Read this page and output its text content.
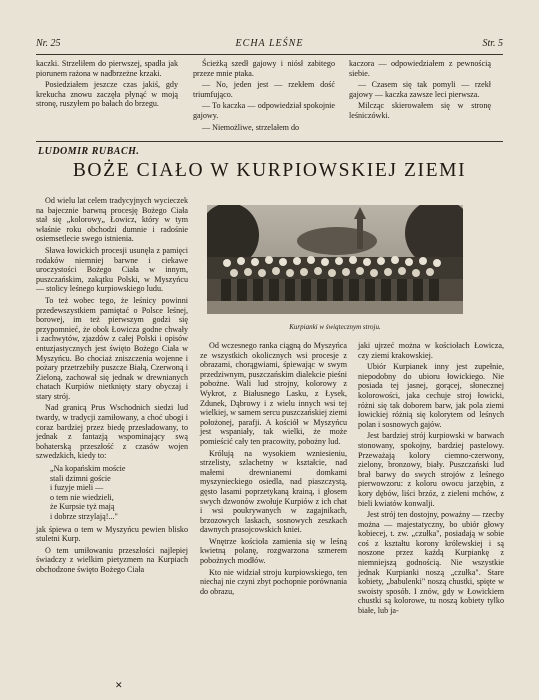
Nr. 25	ECHA LEŚNE	Str. 5

kaczki. Strzeliłem do pierwszej, spadła jak piorunem rażona w nadbrzeżne krzaki.

Posiedziałem jeszcze czas jakiś, gdy krekucha znowu zaczęła płynąć w moją stronę, ruszyłem po bałach do brzegu.

Ścieżką szedł gajowy i niósł zabitego przeze mnie ptaka.

— No, jeden jest — rzekłem dość triumfująco.

— To kaczka — odpowiedział spokojnie gajowy.

— Niemożliwe, strzelałem do

kaczora — odpowiedziałem z pewnością siebie.

— Czasem się tak pomyli — rzekł gajowy — kaczka zawsze leci pierwsza.

Milcząc skierowałem się w stronę leśniczówki.

LUDOMIR RUBACH.
BOŻE CIAŁO W KURPIOWSKIEJ ZIEMI

Od wielu lat celem tradycyjnych wycieczek na bajecznie barwną procesję Bożego Ciała stał się „kolorowy„ Łowicz, który w tym właśnie roku obchodzi dumnie i radośnie osiemsetlecie swego istnienia.

Sława łowickich procesji usunęła z pamięci rodaków niemniej barwne i ciekawe uroczystości Bożego Ciała w innym, puszczańskim, zakątku Polski, w Myszyńcu — stolicy leśnego kurpiowskiego ludu.

To też wobec tego, że leśnicy powinni przedewszystkiem pamiętać o Polsce leśnej, borowej, im też pierwszym godzi się przypomnieć, że obok Łowicza godne chwały i zachwytów, zjazdów z całej Polski i opisów entuzjastycznych jest święto Bożego Ciała w Myszyńcu. Bo chociaż zniszczenia wojenne i pożary przetrzebiły puszcze Białą, Czerwoną i Zieloną, zachował się jednak w drewnianych chatach Kurpiów nietknięty stary obyczaj i stary strój.

Nad granicą Prus Wschodnich siedzi lud twardy, w tradycji zamiłowany, a choć ubogi i coraz bardziej przez biedę przesładowany, to jednak z fantazją wspominający swą bohaterską przeszłość z czasów wojen szwedzkich, kiedy to:

„Na kopańskim moście
stali dzimni goście
i fuzyje mieli —
o tem nie wiedzieli,
że Kurpsie tyż mają
i dobrze strzylają!..."

jak śpiewa o tem w Myszyńcu pewien blisko stuletni Kurp.

O tem umiłowaniu przeszłości najlepiej świadczy z wielkim pietyzmem na Kurpiach obchodzone święto Bożego Ciała

✕
Kurpianki w świątecznym stroju.

Od wczesnego ranka ciągną do Myszyńca ze wszystkich okolicznych wsi procesje z obrazami, chorągwiami, śpiewając w swym przedziwnym, puszczańskim dialekcie pieśni pobożne. Wali lud strojny, kolorowy z Wykrot, z Białusnego Lasku, z Łysek, Zdunek, Dąbrowy i z wielu innych wsi tej wielkiej, w samem sercu puszczańskiej ziemi położonej, parafji. A kościół w Myszyńcu jest wspaniały, tak wielki, że może pomieścić cały ten pracowity, pobożny lud.

Królują na wysokiem wzniesieniu, strzelisty, szlachetny w kształcie, nad małemi drewnianemi domkami myszynieckiego osiedla, nad piaszczystą, gęsto lasami poprzetykaną krainą, i głosem swych dzwonów zwołuje Kurpiów z ich chat i wsi poukrywanych w zagajnikach, brzozowych laskach, sosnowych zeszkach dawnych prasojcowskich kniei.

Wnętrze kościoła zamienia się w leśną kwietną polanę, rozgwarzona szmerem pobożnych modłów.

Kto nie widział stroju kurpiowskiego, ten niechaj nie czyni zbyt pochopnie porównania do obrazu,

jaki ujrzeć można w kościołach Łowicza, czy ziemi krakowskiej.

Ubiór Kurpianek inny jest zupełnie, niepodobny do ubioru łowickiego. Nie posiada tej jasnej, gorącej, słonecznej kolorowości, jaka cechuje stroj łowicki, różni się tak doborem barw, jak pola ziemi łowickiej różnią się kolorytem od leśnych polan i sosnowych gajów.

Jest bardziej strój kurpiowski w barwach stonowany, spokojny, bardziej pastelowy. Przeważają kolory ciemno-czerwony, zielony, bronzowy, biały. Puszczański lud brał barwy do swych strojów z leśnego pierwowzoru: z koloru owocu jarzębin, z kory dębów, liści brzóz, z zieleni mchów, z bieli kwiatów konwalji.

Jest strój ten dostojny, poważny — rzecby można — majestatyczny, bo ubiór głowy kobiecej, t. zw. „czułka", posiadają w sobie coś z kształtu korony królewskiej i są noszone przez każdą Kurpiankę z niemniejszą godnością. Nie wszystkie jednak Kurpianki noszą „czułka". Stare kobiety, „babulenki" noszą chustki, spięte w swoisty sposób. I znów, gdy w Łowickiem chustki są kolorowe, tu noszą kobiety tylko białe, lub ja-
